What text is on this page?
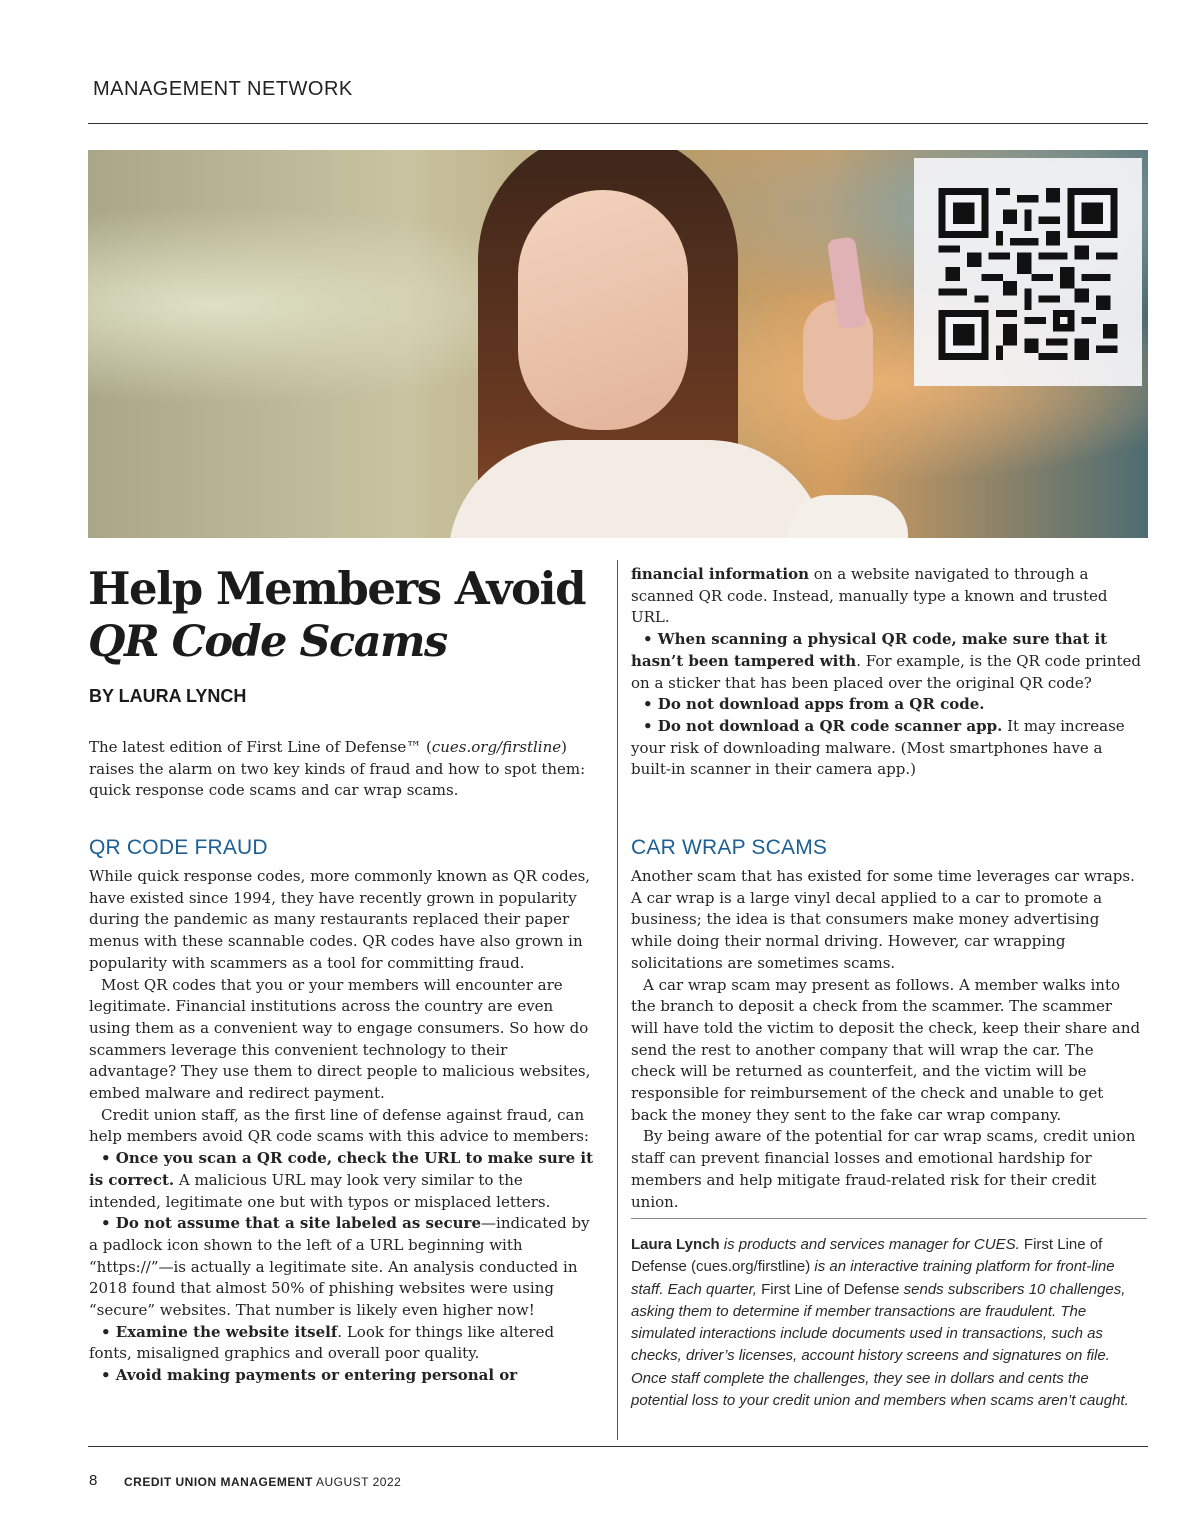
MANAGEMENT NETWORK
Help Members Avoid
QR Code Scams
BY LAURA LYNCH

The latest edition of First Line of Defense™ (cues.org/firstline) raises the alarm on two key kinds of fraud and how to spot them: quick response code scams and car wrap scams.

QR CODE FRAUD

While quick response codes, more commonly known as QR codes, have existed since 1994, they have recently grown in popularity during the pandemic as many restaurants replaced their paper menus with these scannable codes. QR codes have also grown in popularity with scammers as a tool for committing fraud.

Most QR codes that you or your members will encounter are legitimate. Financial institutions across the country are even using them as a convenient way to engage consumers. So how do scammers leverage this convenient technology to their advantage? They use them to direct people to malicious websites, embed malware and redirect payment.

Credit union staff, as the first line of defense against fraud, can help members avoid QR code scams with this advice to members:

• Once you scan a QR code, check the URL to make sure it is correct. A malicious URL may look very similar to the intended, legitimate one but with typos or misplaced letters.

• Do not assume that a site labeled as secure—indicated by a padlock icon shown to the left of a URL beginning with “https://”—is actually a legitimate site. An analysis conducted in 2018 found that almost 50% of phishing websites were using “secure” websites. That number is likely even higher now!

• Examine the website itself. Look for things like altered fonts, misaligned graphics and overall poor quality.

• Avoid making payments or entering personal or

financial information on a website navigated to through a scanned QR code. Instead, manually type a known and trusted URL.

• When scanning a physical QR code, make sure that it hasn’t been tampered with. For example, is the QR code printed on a sticker that has been placed over the original QR code?

• Do not download apps from a QR code.

• Do not download a QR code scanner app. It may increase your risk of downloading malware. (Most smartphones have a built-in scanner in their camera app.)

CAR WRAP SCAMS

Another scam that has existed for some time leverages car wraps. A car wrap is a large vinyl decal applied to a car to promote a business; the idea is that consumers make money advertising while doing their normal driving. However, car wrapping solicitations are sometimes scams.

A car wrap scam may present as follows. A member walks into the branch to deposit a check from the scammer. The scammer will have told the victim to deposit the check, keep their share and send the rest to another company that will wrap the car. The check will be returned as counterfeit, and the victim will be responsible for reimbursement of the check and unable to get back the money they sent to the fake car wrap company.

By being aware of the potential for car wrap scams, credit union staff can prevent financial losses and emotional hardship for members and help mitigate fraud-related risk for their credit union.

Laura Lynch is products and services manager for CUES. First Line of Defense (cues.org/firstline) is an interactive training platform for front-line staff. Each quarter, First Line of Defense sends subscribers 10 challenges, asking them to determine if member transactions are fraudulent. The simulated interactions include documents used in transactions, such as checks, driver’s licenses, account history screens and signatures on file. Once staff complete the challenges, they see in dollars and cents the potential loss to your credit union and members when scams aren’t caught.
8 CREDIT UNION MANAGEMENT AUGUST 2022
